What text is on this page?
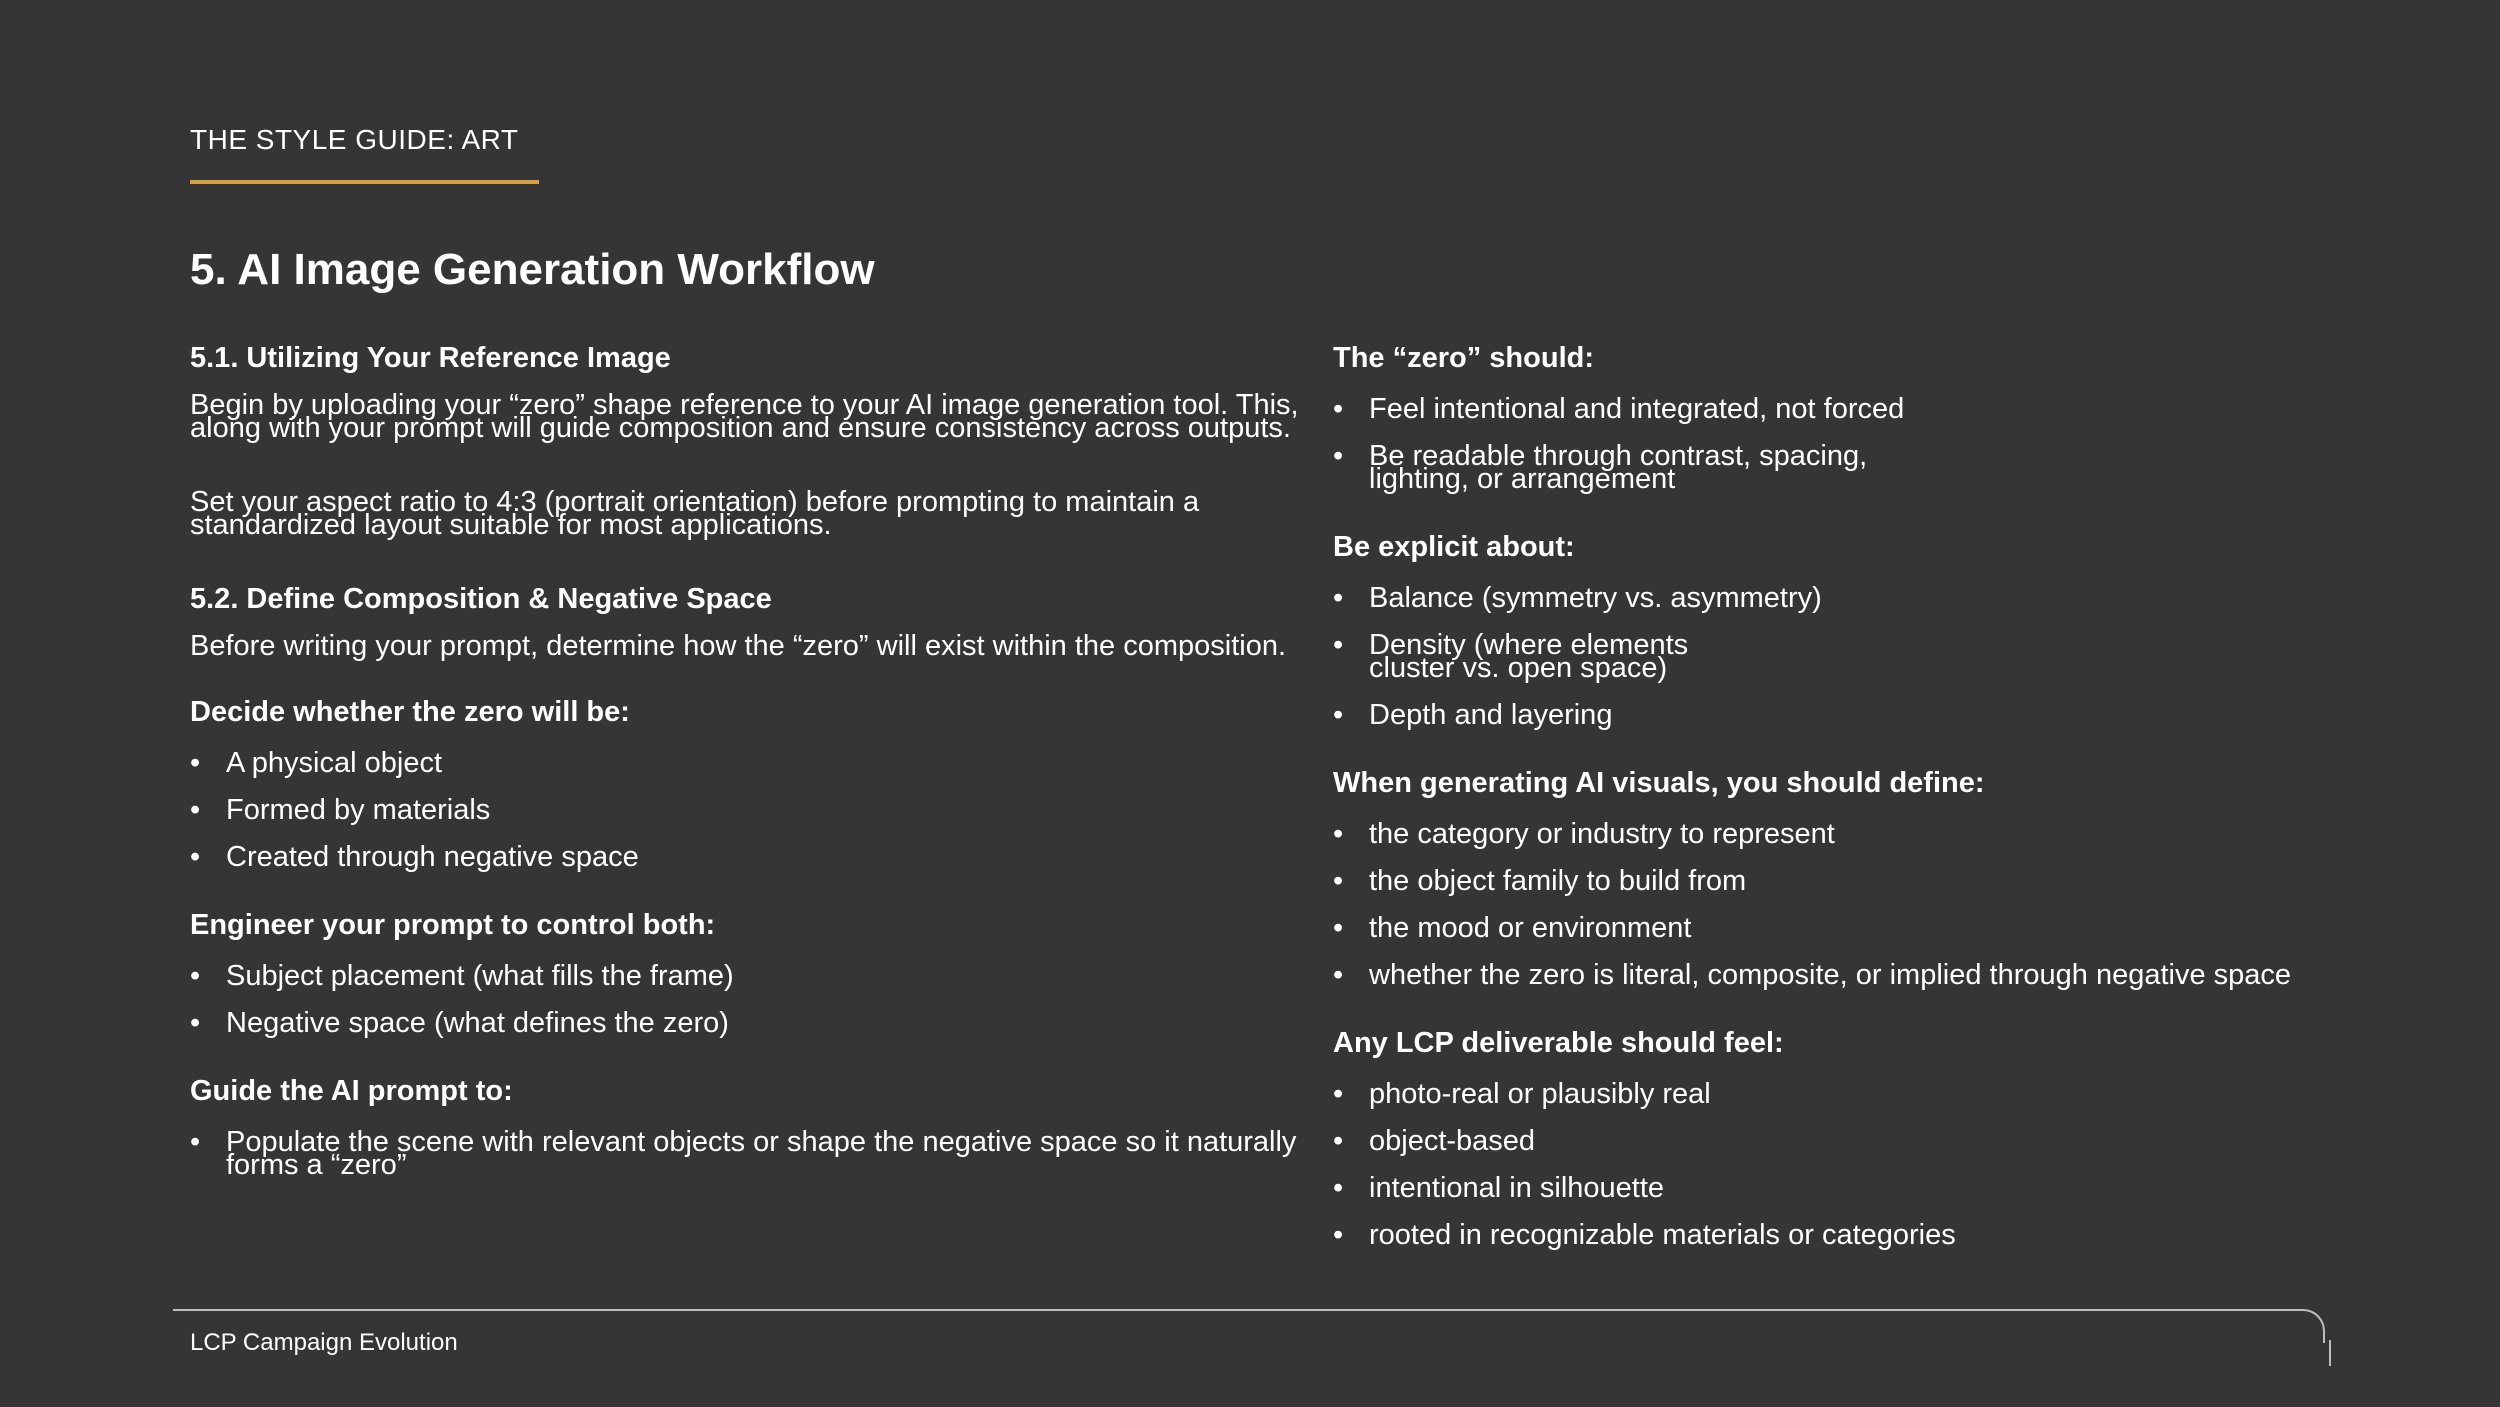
THE STYLE GUIDE: ART
5. AI Image Generation Workflow
5.1. Utilizing Your Reference Image

Begin by uploading your “zero” shape reference to your AI image generation tool. This, along with your prompt will guide composition and ensure consistency across outputs.

Set your aspect ratio to 4:3 (portrait orientation) before prompting to maintain a standardized layout suitable for most applications.

5.2. Define Composition & Negative Space

Before writing your prompt, determine how the “zero” will exist within the composition.

Decide whether the zero will be:
• A physical object
• Formed by materials
• Created through negative space
Engineer your prompt to control both:
• Subject placement (what fills the frame)
• Negative space (what defines the zero)
Guide the AI prompt to:
• Populate the scene with relevant objects or shape the negative space so it naturally forms a “zero”
The “zero” should:
• Feel intentional and integrated, not forced
• Be readable through contrast, spacing, lighting, or arrangement
Be explicit about:
• Balance (symmetry vs. asymmetry)
• Density (where elements cluster vs. open space)
• Depth and layering
When generating AI visuals, you should define:
• the category or industry to represent
• the object family to build from
• the mood or environment
• whether the zero is literal, composite, or implied through negative space
Any LCP deliverable should feel:
• photo-real or plausibly real
• object-based
• intentional in silhouette
• rooted in recognizable materials or categories
LCP Campaign Evolution
